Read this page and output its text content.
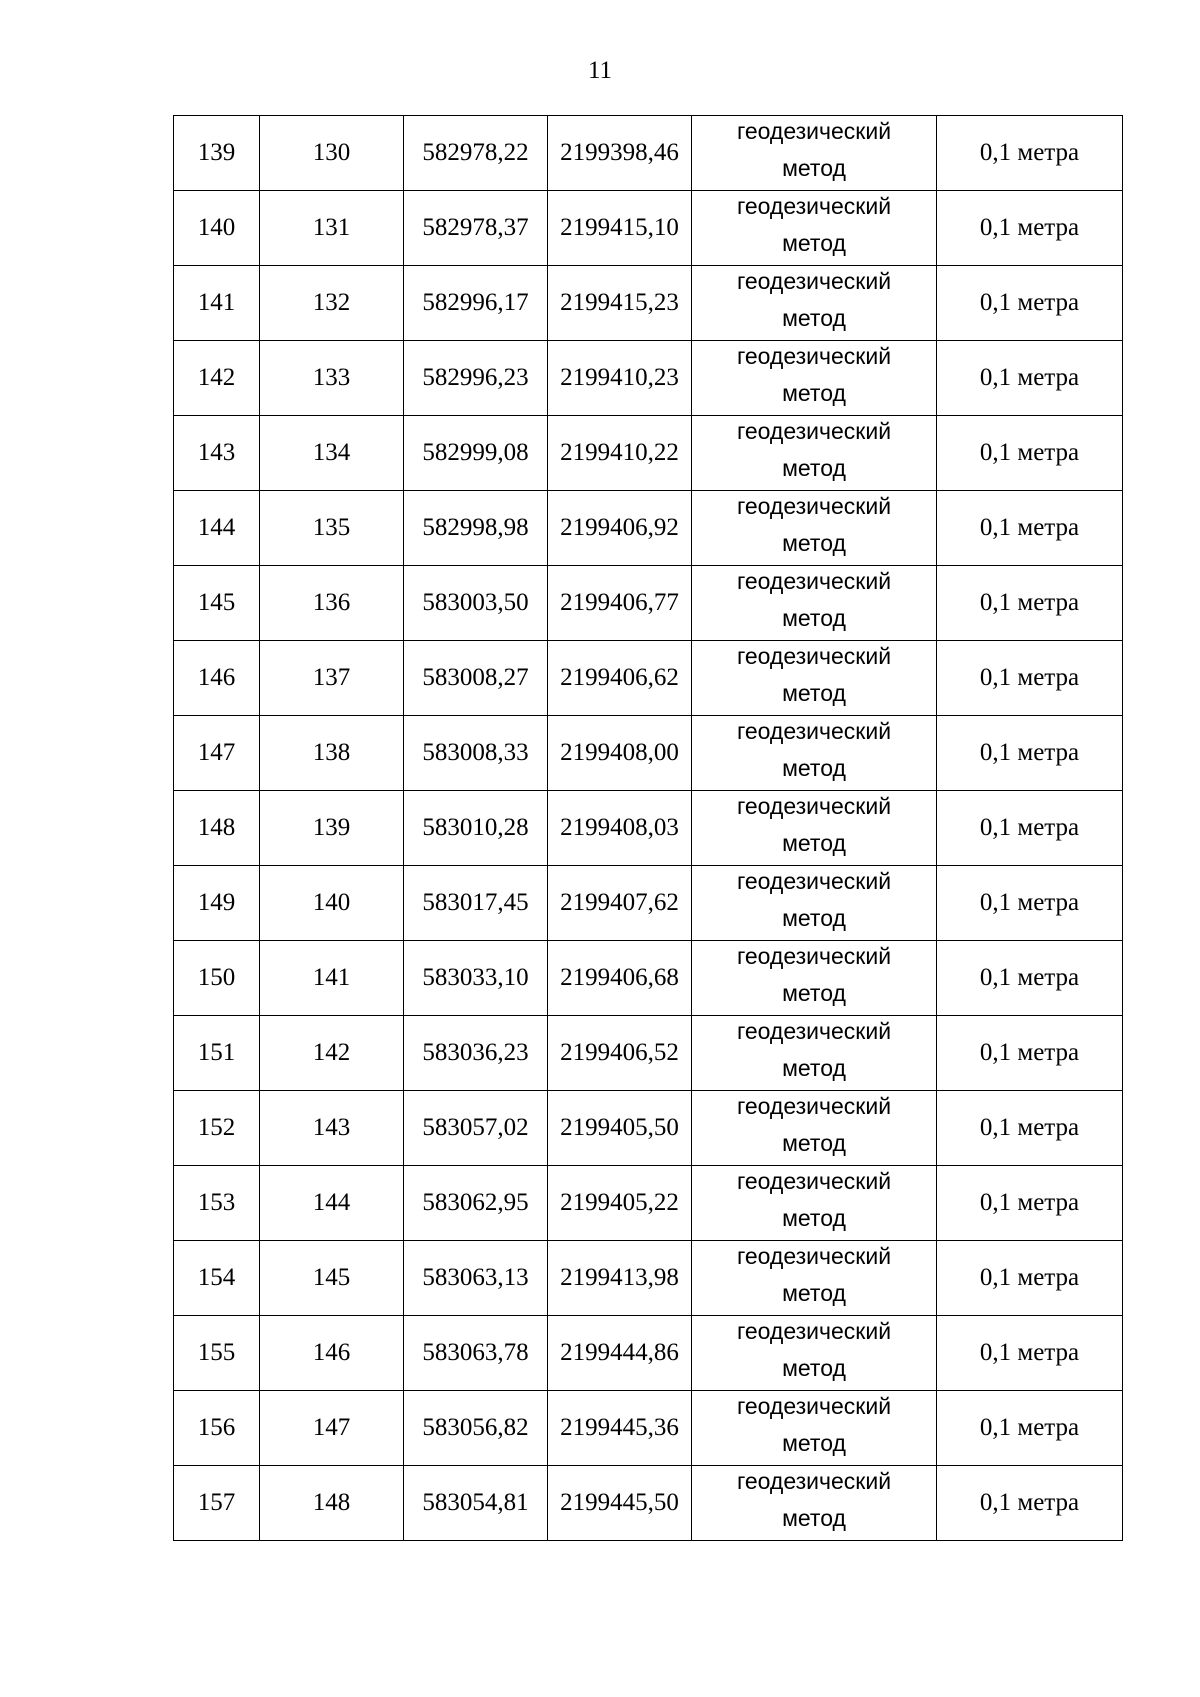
11
139	130	582978,22	2199398,46	геодезический
метод	0,1 метра
140	131	582978,37	2199415,10	геодезический
метод	0,1 метра
141	132	582996,17	2199415,23	геодезический
метод	0,1 метра
142	133	582996,23	2199410,23	геодезический
метод	0,1 метра
143	134	582999,08	2199410,22	геодезический
метод	0,1 метра
144	135	582998,98	2199406,92	геодезический
метод	0,1 метра
145	136	583003,50	2199406,77	геодезический
метод	0,1 метра
146	137	583008,27	2199406,62	геодезический
метод	0,1 метра
147	138	583008,33	2199408,00	геодезический
метод	0,1 метра
148	139	583010,28	2199408,03	геодезический
метод	0,1 метра
149	140	583017,45	2199407,62	геодезический
метод	0,1 метра
150	141	583033,10	2199406,68	геодезический
метод	0,1 метра
151	142	583036,23	2199406,52	геодезический
метод	0,1 метра
152	143	583057,02	2199405,50	геодезический
метод	0,1 метра
153	144	583062,95	2199405,22	геодезический
метод	0,1 метра
154	145	583063,13	2199413,98	геодезический
метод	0,1 метра
155	146	583063,78	2199444,86	геодезический
метод	0,1 метра
156	147	583056,82	2199445,36	геодезический
метод	0,1 метра
157	148	583054,81	2199445,50	геодезический
метод	0,1 метра
